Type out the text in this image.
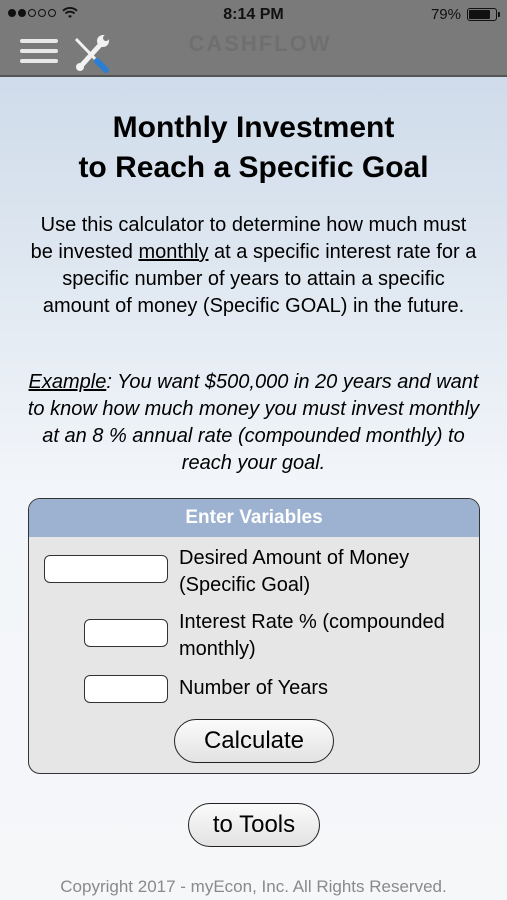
8:14 PM	79%
CASHFLOW
Monthly Investment
to Reach a Specific Goal

Use this calculator to determine how much must be invested monthly at a specific interest rate for a specific number of years to attain a specific amount of money (Specific GOAL) in the future.

Example: You want $500,000 in 20 years and want to know how much money you must invest monthly at an 8 % annual rate (compounded monthly) to reach your goal.

Enter Variables
Desired Amount of Money (Specific Goal)
Interest Rate % (compounded monthly)
Number of Years
Calculate
to Tools
Copyright 2017 - myEcon, Inc. All Rights Reserved.
